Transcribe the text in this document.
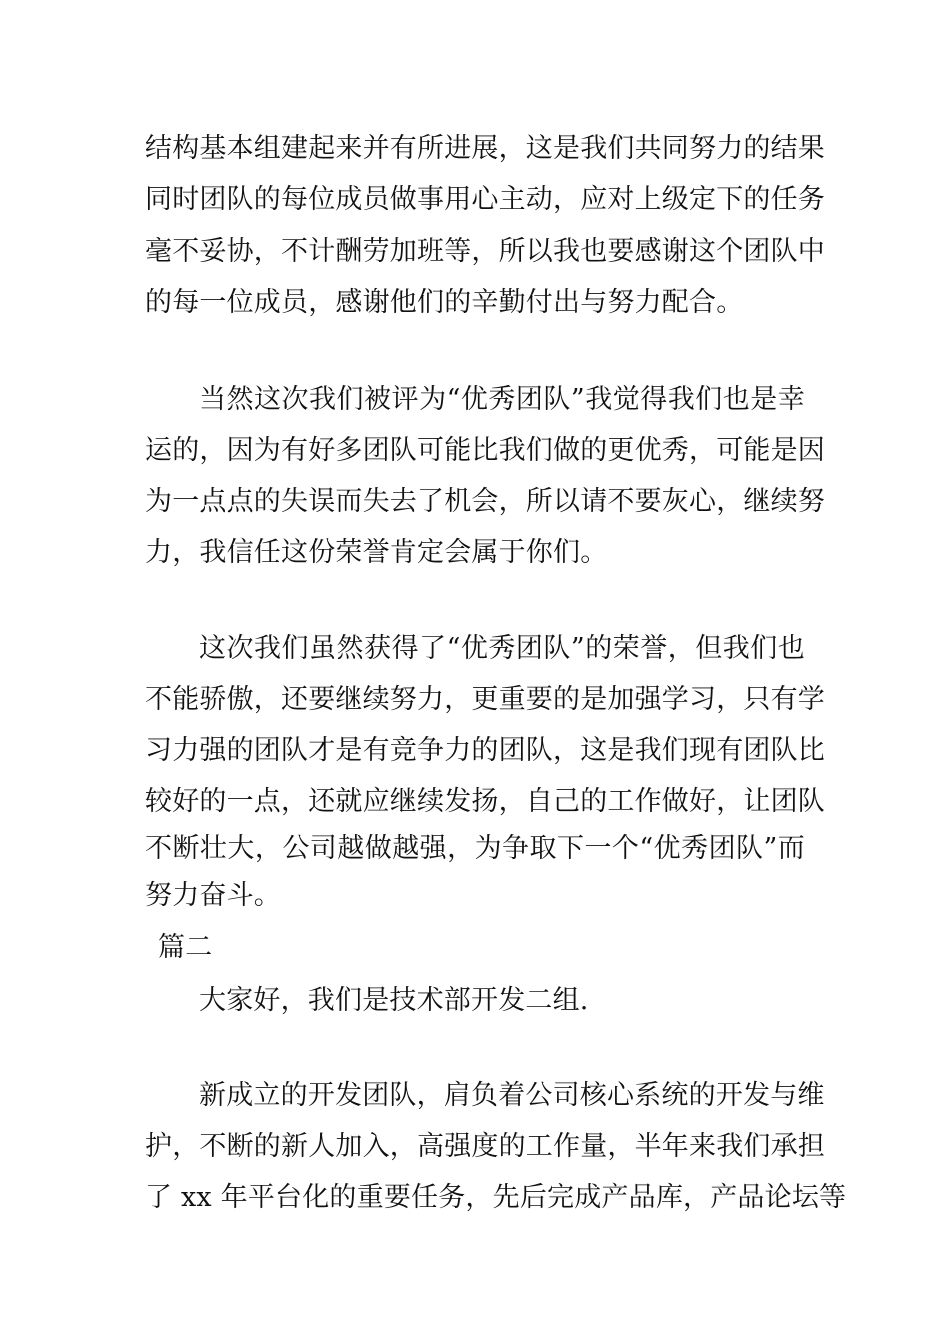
结构基本组建起来并有所进展，这是我们共同努力的结果
同时团队的每位成员做事用心主动，应对上级定下的任务
毫不妥协，不计酬劳加班等，所以我也要感谢这个团队中
的每一位成员，感谢他们的辛勤付出与努力配合。
当然这次我们被评为“优秀团队”我觉得我们也是幸
运的，因为有好多团队可能比我们做的更优秀，可能是因
为一点点的失误而失去了机会，所以请不要灰心，继续努
力，我信任这份荣誉肯定会属于你们。
这次我们虽然获得了“优秀团队”的荣誉，但我们也
不能骄傲，还要继续努力，更重要的是加强学习，只有学
习力强的团队才是有竞争力的团队，这是我们现有团队比
较好的一点，还就应继续发扬，自己的工作做好，让团队
不断壮大，公司越做越强，为争取下一个“优秀团队”而
努力奋斗。
篇二
大家好，我们是技术部开发二组.
新成立的开发团队，肩负着公司核心系统的开发与维
护，不断的新人加入，高强度的工作量，半年来我们承担
了 xx 年平台化的重要任务，先后完成产品库，产品论坛等
